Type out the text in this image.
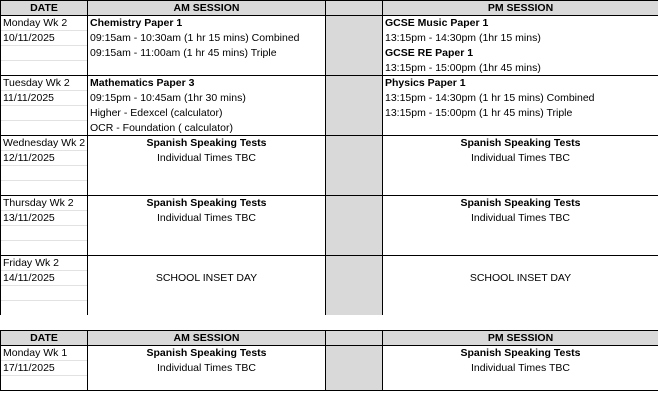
DATE	AM SESSION		PM SESSION
Monday Wk 2	Chemistry Paper 1		GCSE Music Paper 1
10/11/2025	09:15am - 10:30am (1 hr 15 mins) Combined		13:15pm - 14:30pm (1hr 15 mins)
	09:15am - 11:00am (1 hr 45 mins) Triple		GCSE RE Paper 1
			13:15pm - 15:00pm (1hr 45 mins)
Tuesday Wk 2	Mathematics Paper 3		Physics Paper 1
11/11/2025	09:15pm - 10:45am (1hr 30 mins)		13:15pm - 14:30pm (1 hr 15 mins) Combined
	Higher - Edexcel (calculator)		13:15pm - 15:00pm (1 hr 45 mins) Triple
	OCR - Foundation ( calculator)		
Wednesday Wk 2	Spanish Speaking Tests		Spanish Speaking Tests
12/11/2025	Individual Times TBC		Individual Times TBC

Thursday Wk 2	Spanish Speaking Tests		Spanish Speaking Tests
13/11/2025	Individual Times TBC		Individual Times TBC

Friday Wk 2			
14/11/2025	SCHOOL INSET DAY		SCHOOL INSET DAY

DATE	AM SESSION		PM SESSION
Monday Wk 1	Spanish Speaking Tests		Spanish Speaking Tests
17/11/2025	Individual Times TBC		Individual Times TBC
